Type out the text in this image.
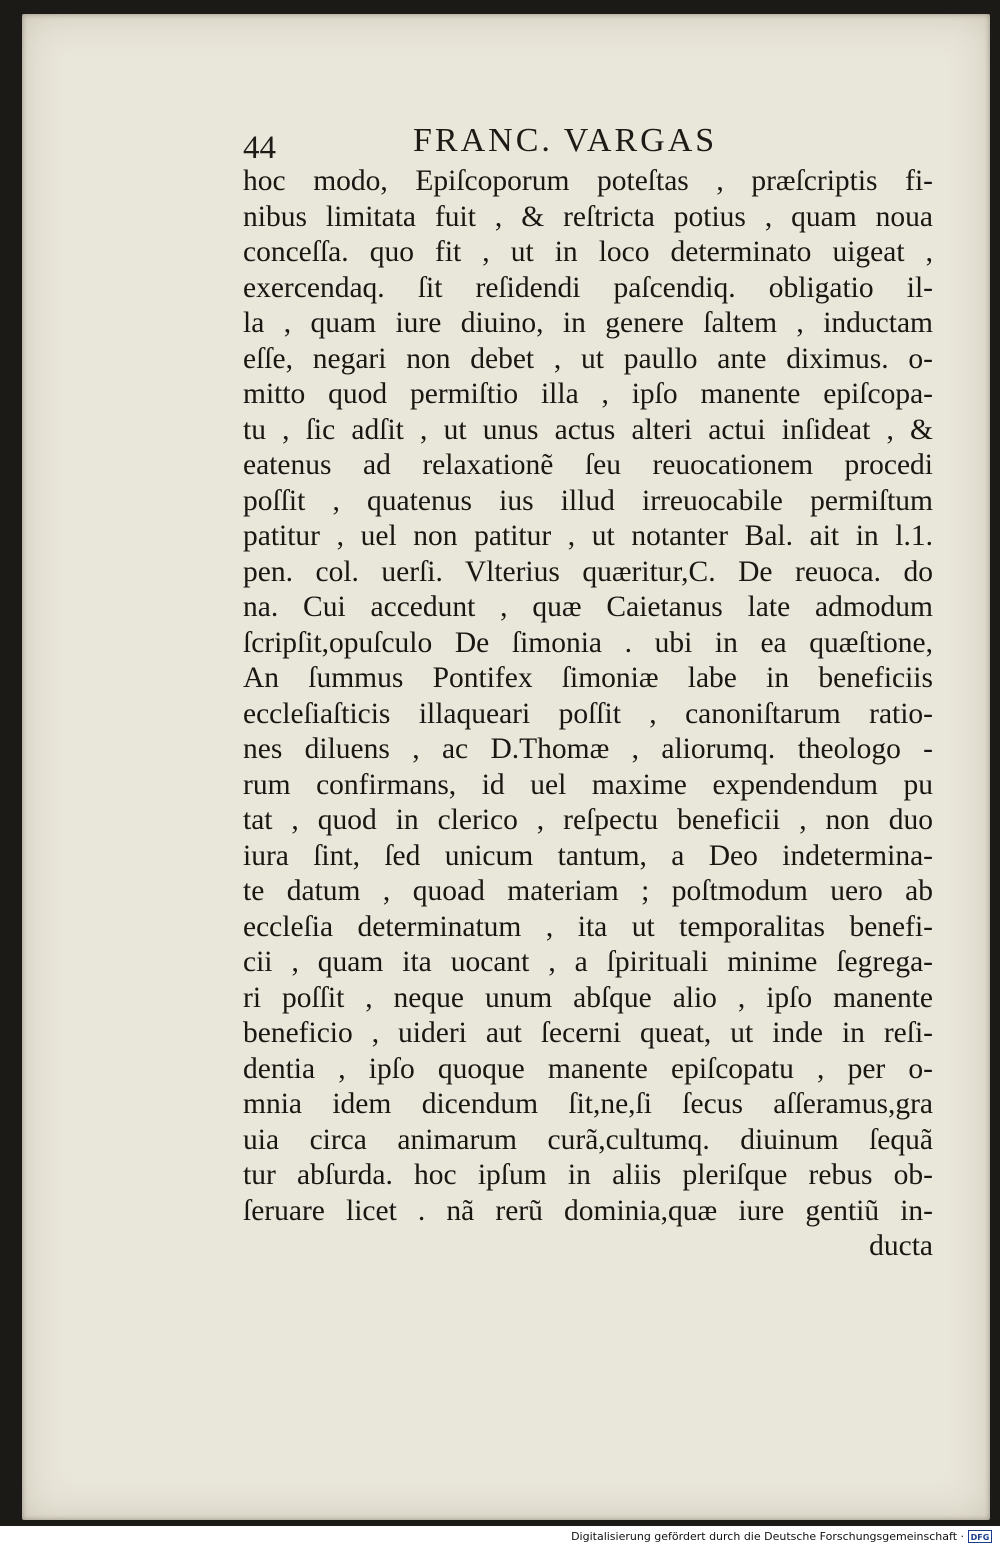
44	FRANC. VARGAS
hoc modo, Epiſcoporum poteſtas , præſcriptis fi-
nibus limitata fuit , & reſtricta potius , quam noua
conceſſa. quo fit , ut in loco determinato uigeat ,
exercendaq. ſit reſidendi paſcendiq. obligatio il-
la , quam iure diuino, in genere ſaltem , inductam
eſſe, negari non debet , ut paullo ante diximus. o-
mitto quod permiſtio illa , ipſo manente epiſcopa-
tu , ſic adſit , ut unus actus alteri actui inſideat , &
eatenus ad relaxationẽ ſeu reuocationem procedi
poſſit , quatenus ius illud irreuocabile permiſtum
patitur , uel non patitur , ut notanter Bal. ait in l.1.
pen. col. uerſi. Vlterius quæritur,C. De reuoca. do
na. Cui accedunt , quæ Caietanus late admodum
ſcripſit,opuſculo De ſimonia . ubi in ea quæſtione,
An ſummus Pontifex ſimoniæ labe in beneficiis
eccleſiaſticis illaqueari poſſit , canoniſtarum ratio-
nes diluens , ac D.Thomæ , aliorumq. theologo -
rum confirmans, id uel maxime expendendum pu
tat , quod in clerico , reſpectu beneficii , non duo
iura ſint, ſed unicum tantum, a Deo indetermina-
te datum , quoad materiam ; poſtmodum uero ab
eccleſia determinatum , ita ut temporalitas benefi-
cii , quam ita uocant , a ſpirituali minime ſegrega-
ri poſſit , neque unum abſque alio , ipſo manente
beneficio , uideri aut ſecerni queat, ut inde in reſi-
dentia , ipſo quoque manente epiſcopatu , per o-
mnia idem dicendum ſit,ne,ſi ſecus aſſeramus,gra
uia circa animarum curã,cultumq. diuinum ſequã
tur abſurda. hoc ipſum in aliis pleriſque rebus ob-
ſeruare licet . nã rerũ dominia,quæ iure gentiũ in-
ducta
Digitalisierung gefördert durch die Deutsche Forschungsgemeinschaft · DFG
